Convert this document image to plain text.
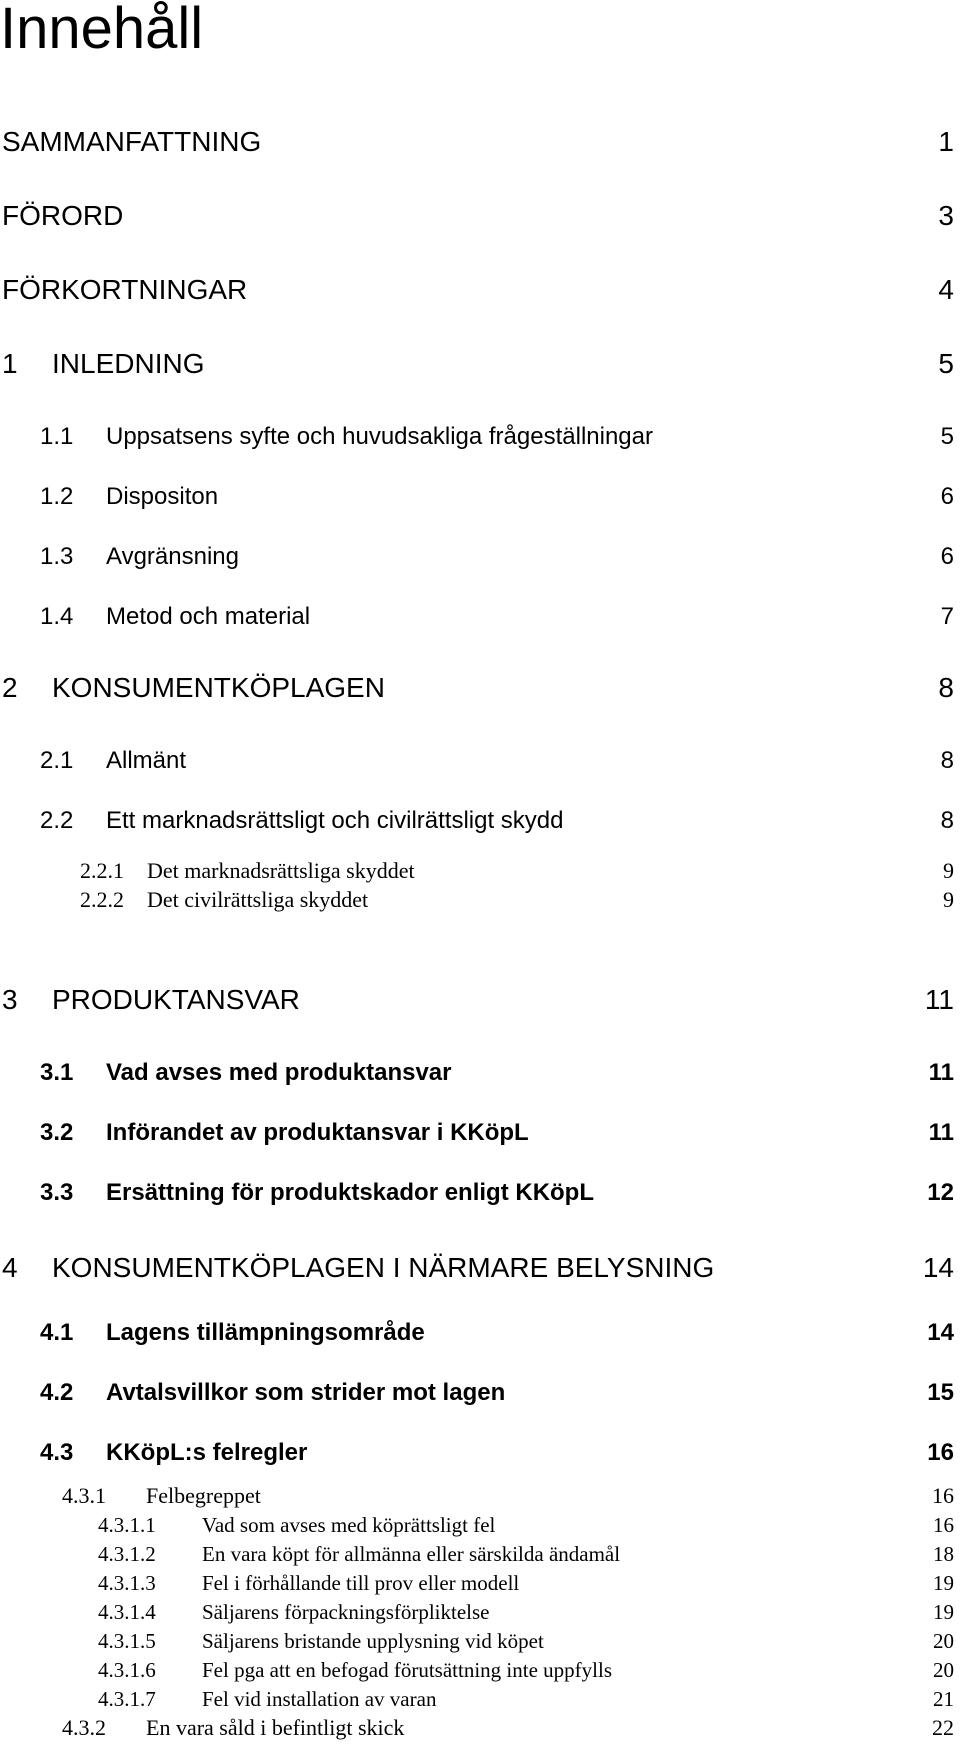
Innehåll
SAMMANFATTNING	1
FÖRORD	3
FÖRKORTNINGAR	4
1 INLEDNING	5
1.1 Uppsatsens syfte och huvudsakliga frågeställningar	5
1.2 Dispositon	6
1.3 Avgränsning	6
1.4 Metod och material	7
2 KONSUMENTKÖPLAGEN	8
2.1 Allmänt	8
2.2 Ett marknadsrättsligt och civilrättsligt skydd	8
2.2.1 Det marknadsrättsliga skyddet	9
2.2.2 Det civilrättsliga skyddet	9
3 PRODUKTANSVAR	11
3.1 Vad avses med produktansvar	11
3.2 Införandet av produktansvar i KKöpL	11
3.3 Ersättning för produktskador enligt KKöpL	12
4 KONSUMENTKÖPLAGEN I NÄRMARE BELYSNING	14
4.1 Lagens tillämpningsområde	14
4.2 Avtalsvillkor som strider mot lagen	15
4.3 KKöpL:s felregler	16
4.3.1 Felbegreppet	16
4.3.1.1 Vad som avses med köprättsligt fel	16
4.3.1.2 En vara köpt för allmänna eller särskilda ändamål	18
4.3.1.3 Fel i förhållande till prov eller modell	19
4.3.1.4 Säljarens förpackningsförpliktelse	19
4.3.1.5 Säljarens bristande upplysning vid köpet	20
4.3.1.6 Fel pga att en befogad förutsättning inte uppfylls	20
4.3.1.7 Fel vid installation av varan	21
4.3.2 En vara såld i befintligt skick	22
